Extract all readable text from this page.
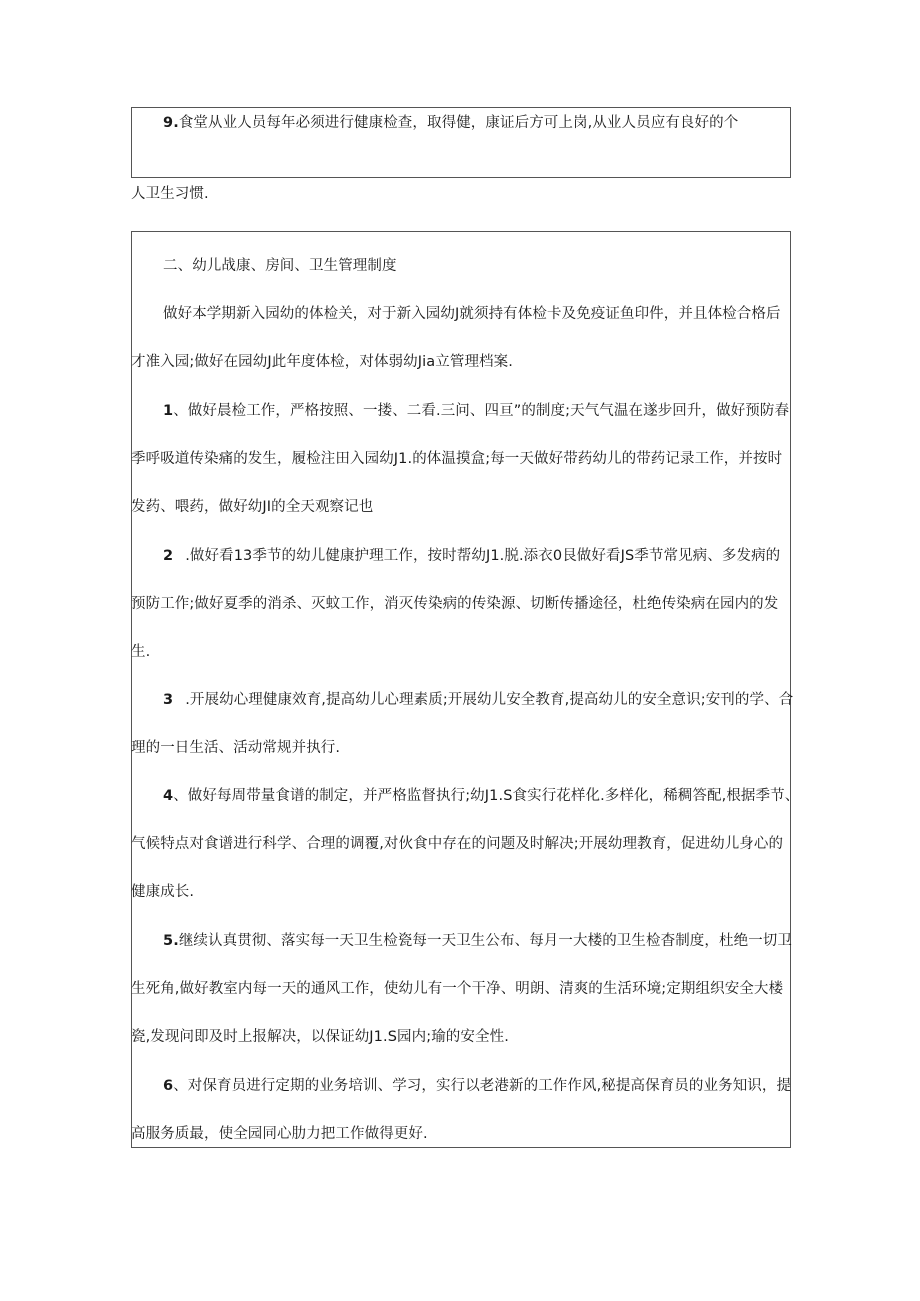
9.食堂从业人员每年必须进行健康检查，取得健，康证后方可上岗,从业人员应有良好的个

人卫生习惯.

二、幼儿战康、房间、卫生管理制度

做好本学期新入园幼的体检关，对于新入园幼J就须持有体检卡及免疫证鱼印件，并且体检合格后

才准入园;做好在园幼J此年度体检，对体弱幼Jia立管理档案.

1、做好晨检工作，严格按照、一搂、二看.三问、四亘”的制度;天气气温在遂步回升，做好预防春

季呼吸道传染痛的发生，履检注田入园幼J1.的体温摸盒;每一天做好带药幼儿的带药记录工作，并按时

发药、喂药，做好幼JI的全天观察记也

2 .做好看13季节的幼儿健康护理工作，按时帮幼J1.脱.添衣0艮做好看JS季节常见病、多发病的

预防工作;做好夏季的消杀、灭蚊工作，消灭传染病的传染源、切断传播途径，杜绝传染病在园内的发

生.

3 .开展幼心理健康效育,提高幼儿心理素质;开展幼儿安全教育,提高幼儿的安全意识;安刊的学、合

理的一日生活、活动常规并执行.

4、做好每周带量食谱的制定，并严格监督执行;幼J1.S食实行花样化.多样化，稀稠答配,根据季节、

气候特点对食谱进行科学、合理的调覆,对伙食中存在的问题及时解决;开展幼理教育，促进幼儿身心的

健康成长.

5.继续认真贯彻、落实每一天卫生检瓷每一天卫生公布、每月一大楼的卫生检杳制度，杜绝一切卫

生死角,做好教室内每一天的通风工作，使幼儿有一个干净、明朗、清爽的生活环境;定期组织安全大楼

瓷,发现问即及时上报解决，以保证幼J1.S园内;瑜的安全性.

6、对保育员进行定期的业务培训、学习，实行以老港新的工作作风,秘提高保育员的业务知识，提

高服务质最，使全园同心肋力把工作做得更好.
